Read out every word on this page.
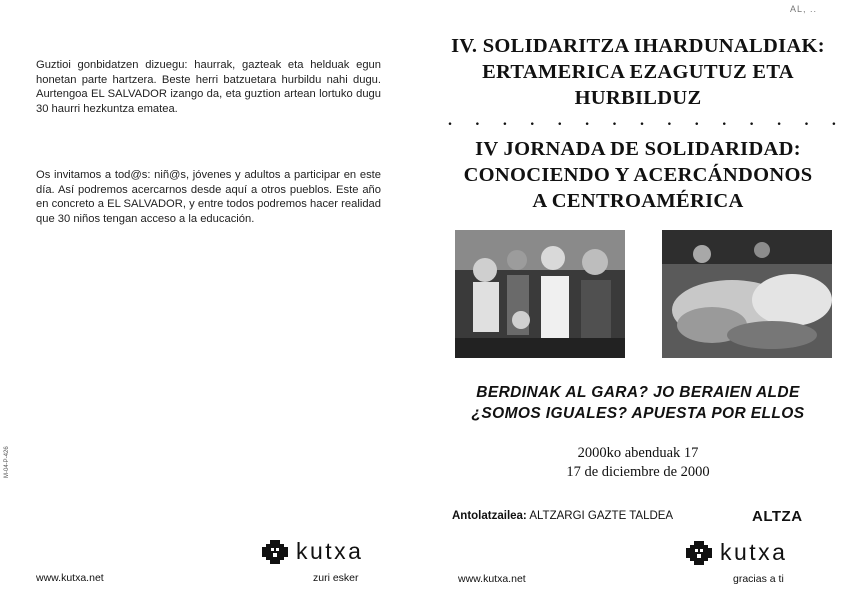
AL, ..
Guztioi gonbidatzen dizuegu: haurrak, gazteak eta helduak egun honetan parte hartzera. Beste herri batzuetara hurbildu nahi dugu. Aurtengoa EL SALVADOR izango da, eta guztion artean lortuko dugu 30 haurri hezkuntza ematea.
Os invitamos a tod@s: niñ@s, jóvenes y adultos a participar en este día. Así podremos acercarnos desde aquí a otros pueblos. Este año en concreto a EL SALVADOR, y entre todos podremos hacer realidad que 30 niños tengan acceso a la educación.
M-04-P-426
kutxa
zuri esker
www.kutxa.net
IV. SOLIDARITZA IHARDUNALDIAK:
ERTAMERICA EZAGUTUZ ETA
HURBILDUZ
. . . . . . . . . . . . . . .
IV JORNADA DE SOLIDARIDAD:
CONOCIENDO Y ACERCÁNDONOS
A CENTROAMÉRICA
BERDINAK AL GARA? JO BERAIEN ALDE
¿SOMOS IGUALES? APUESTA POR ELLOS
2000ko abenduak 17
17 de diciembre de 2000
Antolatzailea: ALTZARGI GAZTE TALDEA	ALTZA
kutxa
gracias a ti
www.kutxa.net
